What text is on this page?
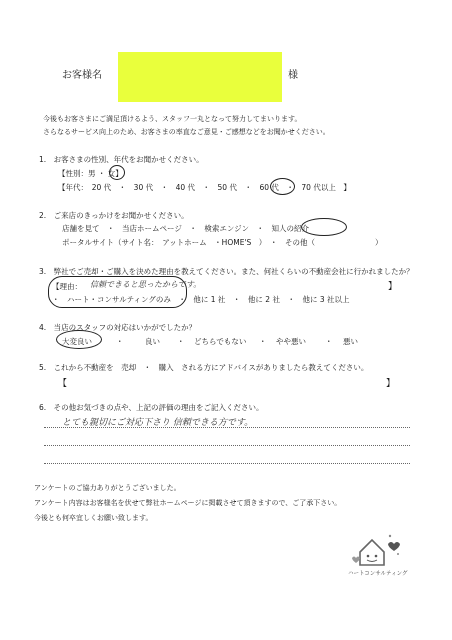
お客様名	様
今後もお客さまにご満足頂けるよう、スタッフ一丸となって努力してまいります。
さらなるサービス向上のため、お客さまの率直なご意見・ご感想などをお聞かせください。
1.　お客さまの性別、年代をお聞かせください。
【性別：男 ・ 女】
【年代：　20 代　・　30 代　・　40 代　・　50 代　・　60 代　・　70 代以上　】
2.　ご来店のきっかけをお聞かせください。
店舗を見て　・　当店ホームページ　・　検索エンジン　・　知人の紹介
ポータルサイト（サイト名：　アットホーム　・HOME'S　）　・　その他（　　　　　　　　）
3.　弊社でご売却・ご購入を決めた理由を教えてください。また、何社くらいの不動産会社に行かれましたか？
【理由： 信頼できると思ったからです。	】
・　ハート・コンサルティングのみ　・　他に 1 社　・　他に 2 社　・　他に 3 社以上
4.　当店のスタッフの対応はいかがでしたか？
大変良い	・	良い ・ どちらでもない ・ やや悪い	・ 悪い
5.　これから不動産を　売却　・　購入　される方にアドバイスがありましたら教えてください。
【	】
6.　その他お気づきの点や、上記の評価の理由をご記入ください。
とても親切にご対応下さり 信頼できる方です。
アンケートのご協力ありがとうございました。
アンケート内容はお客様名を伏せて弊社ホームページに掲載させて頂きますので、ご了承下さい。
今後とも何卒宜しくお願い致します。
ハートコンサルティング
